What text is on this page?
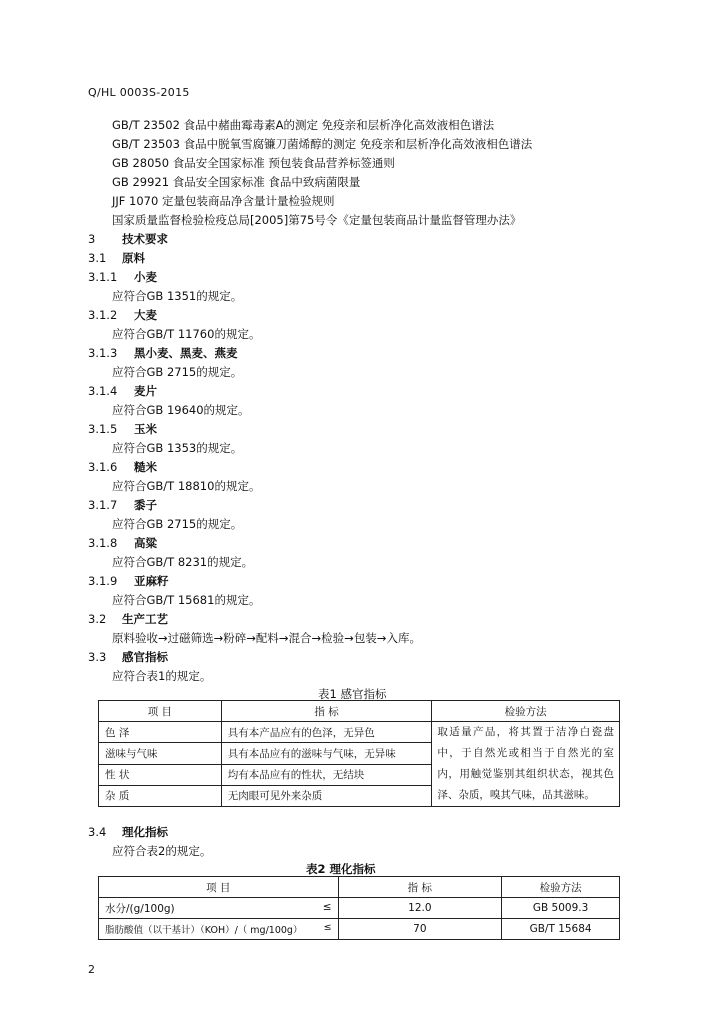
Q/HL 0003S-2015
GB/T 23502 食品中赭曲霉毒素A的测定 免疫亲和层析净化高效液相色谱法
GB/T 23503 食品中脱氧雪腐镰刀菌烯醇的测定 免疫亲和层析净化高效液相色谱法
GB 28050 食品安全国家标准 预包装食品营养标签通则
GB 29921 食品安全国家标准 食品中致病菌限量
JJF 1070 定量包装商品净含量计量检验规则
国家质量监督检验检疫总局[2005]第75号令《定量包装商品计量监督管理办法》
3 技术要求
3.1 原料
3.1.1 小麦
应符合GB 1351的规定。
3.1.2 大麦
应符合GB/T 11760的规定。
3.1.3 黑小麦、黑麦、燕麦
应符合GB 2715的规定。
3.1.4 麦片
应符合GB 19640的规定。
3.1.5 玉米
应符合GB 1353的规定。
3.1.6 糙米
应符合GB/T 18810的规定。
3.1.7 黍子
应符合GB 2715的规定。
3.1.8 高粱
应符合GB/T 8231的规定。
3.1.9 亚麻籽
应符合GB/T 15681的规定。
3.2 生产工艺
原料验收→过磁筛选→粉碎→配料→混合→检验→包装→入库。
3.3 感官指标
应符合表1的规定。
表1 感官指标
项 目	指 标	检验方法
色 泽	具有本产品应有的色泽，无异色	取适量产品，将其置于洁净白瓷盘中，于自然光或相当于自然光的室内，用触觉鉴别其组织状态，视其色泽、杂质，嗅其气味，品其滋味。
滋味与气味	具有本品应有的滋味与气味，无异味	
性 状	均有本品应有的性状，无结块	
杂 质	无肉眼可见外来杂质	
3.4 理化指标
应符合表2的规定。
表2 理化指标
项 目	指 标	检验方法
水分/(g/100g) ≤	12.0	GB 5009.3
脂肪酸值（以干基计）（KOH）/（ mg/100g） ≤	70	GB/T 15684
2
